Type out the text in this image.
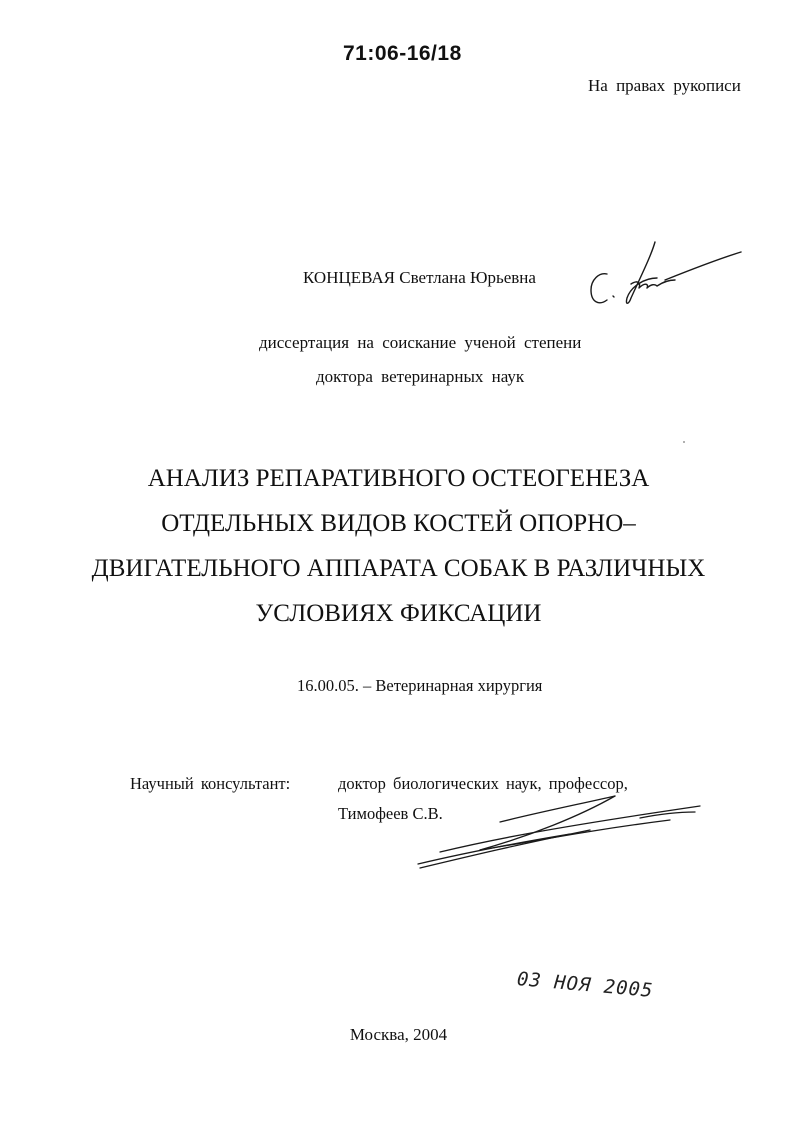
71:06-16/18
На правах рукописи
КОНЦЕВАЯ Светлана Юрьевна
диссертация на соискание ученой степени
доктора ветеринарных наук
АНАЛИЗ РЕПАРАТИВНОГО ОСТЕОГЕНЕЗА
ОТДЕЛЬНЫХ ВИДОВ КОСТЕЙ ОПОРНО–
ДВИГАТЕЛЬНОГО АППАРАТА СОБАК В РАЗЛИЧНЫХ
УСЛОВИЯХ ФИКСАЦИИ
16.00.05. – Ветеринарная хирургия
Научный консультант:	доктор биологических наук, профессор,
Тимофеев С.В.
03 НОЯ 2005
Москва, 2004
